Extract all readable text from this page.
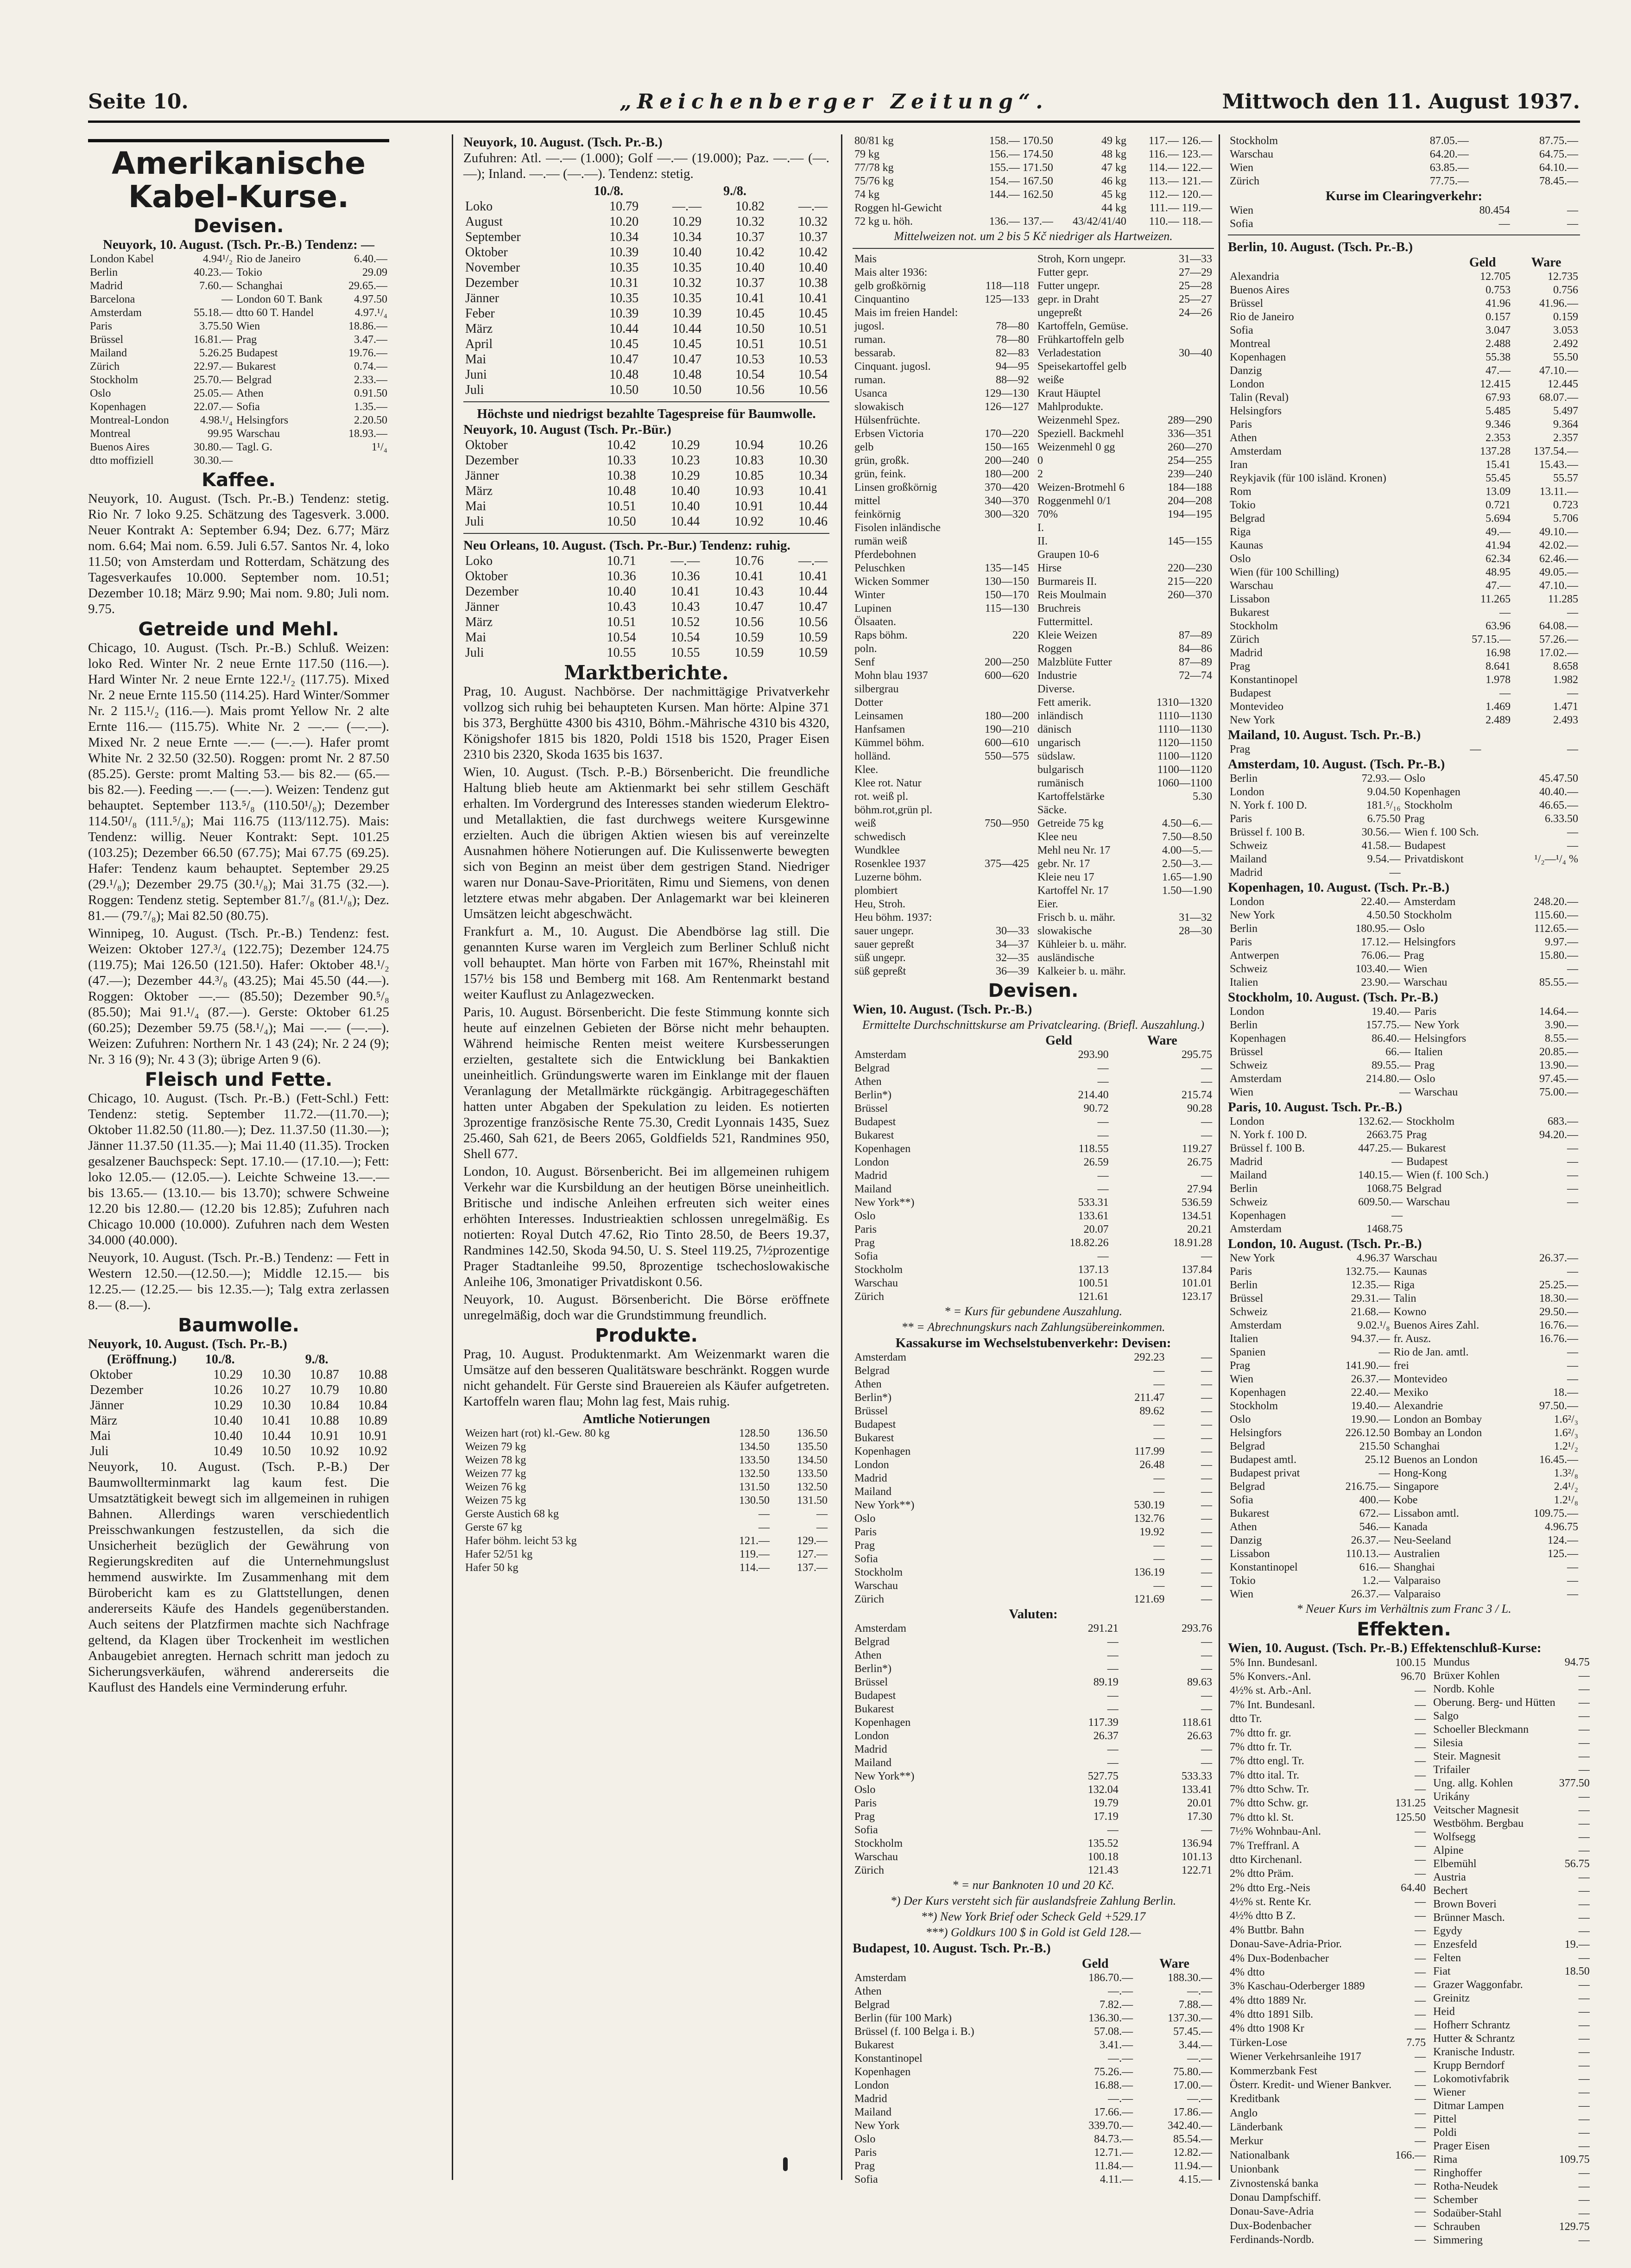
Seite 10.	„Reichenberger Zeitung“.	Mittwoch den 11. August 1937.
Amerikanische Kabel-Kurse.
Devisen.
Neuyork, 10. August. (Tsch. Pr.-B.) Tendenz: —
London Kabel	4.94¹/₂	Rio de Janeiro	6.40.—
Berlin	40.23.—	Tokio	29.09
Madrid	7.60.—	Schanghai	29.65.—
Barcelona	—	London 60 T. Bank	4.97.50
Amsterdam	55.18.—	dtto 60 T. Handel	4.97.¹/₄
Paris	3.75.50	Wien	18.86.—
Brüssel	16.81.—	Prag	3.47.—
Mailand	5.26.25	Budapest	19.76.—
Zürich	22.97.—	Bukarest	0.74.—
Stockholm	25.70.—	Belgrad	2.33.—
Oslo	25.05.—	Athen	0.91.50
Kopenhagen	22.07.—	Sofia	1.35.—
Montreal-London	4.98.¹/₄	Helsingfors	2.20.50
Montreal	99.95	Warschau	18.93.—
Buenos Aires	30.80.—	Tagl. G.	1¹/₄
dtto moffiziell	30.30.—		
Kaffee.

Neuyork, 10. August. (Tsch. Pr.-B.) Tendenz: stetig. Rio Nr. 7 loko 9.25. Schätzung des Tagesverk. 3.000. Neuer Kontrakt A: September 6.94; Dez. 6.77; März nom. 6.64; Mai nom. 6.59. Juli 6.57. Santos Nr. 4, loko 11.50; von Amsterdam und Rotterdam, Schätzung des Tagesverkaufes 10.000. September nom. 10.51; Dezember 10.18; März 9.90; Mai nom. 9.80; Juli nom. 9.75.

Getreide und Mehl.

Chicago, 10. August. (Tsch. Pr.-B.) Schluß. Weizen: loko Red. Winter Nr. 2 neue Ernte 117.50 (116.—). Hard Winter Nr. 2 neue Ernte 122.¹/₂ (117.75). Mixed Nr. 2 neue Ernte 115.50 (114.25). Hard Winter/Sommer Nr. 2 115.¹/₂ (116.—). Mais promt Yellow Nr. 2 alte Ernte 116.— (115.75). White Nr. 2 —.— (—.—). Mixed Nr. 2 neue Ernte —.— (—.—). Hafer promt White Nr. 2 32.50 (32.50). Roggen: promt Nr. 2 87.50 (85.25). Gerste: promt Malting 53.— bis 82.— (65.— bis 82.—). Feeding —.— (—.—). Weizen: Tendenz gut behauptet. September 113.⁵/₈ (110.50¹/₈); Dezember 114.50¹/₈ (111.⁵/₈); Mai 116.75 (113/112.75). Mais: Tendenz: willig. Neuer Kontrakt: Sept. 101.25 (103.25); Dezember 66.50 (67.75); Mai 67.75 (69.25). Hafer: Tendenz kaum behauptet. September 29.25 (29.¹/₈); Dezember 29.75 (30.¹/₈); Mai 31.75 (32.—). Roggen: Tendenz stetig. September 81.⁷/₈ (81.¹/₈); Dez. 81.— (79.⁷/₈); Mai 82.50 (80.75).

Winnipeg, 10. August. (Tsch. Pr.-B.) Tendenz: fest. Weizen: Oktober 127.³/₄ (122.75); Dezember 124.75 (119.75); Mai 126.50 (121.50). Hafer: Oktober 48.¹/₂ (47.—); Dezember 44.³/₈ (43.25); Mai 45.50 (44.—). Roggen: Oktober —.— (85.50); Dezember 90.⁵/₈ (85.50); Mai 91.¹/₄ (87.—). Gerste: Oktober 61.25 (60.25); Dezember 59.75 (58.¹/₄); Mai —.— (—.—). Weizen: Zufuhren: Northern Nr. 1 43 (24); Nr. 2 24 (9); Nr. 3 16 (9); Nr. 4 3 (3); übrige Arten 9 (6).

Fleisch und Fette.

Chicago, 10. August. (Tsch. Pr.-B.) (Fett-Schl.) Fett: Tendenz: stetig. September 11.72.—(11.70.—); Oktober 11.82.50 (11.80.—); Dez. 11.37.50 (11.30.—); Jänner 11.37.50 (11.35.—); Mai 11.40 (11.35). Trocken gesalzener Bauchspeck: Sept. 17.10.— (17.10.—); Fett: loko 12.05.— (12.05.—). Leichte Schweine 13.—.— bis 13.65.— (13.10.— bis 13.70); schwere Schweine 12.20 bis 12.80.— (12.20 bis 12.85); Zufuhren nach Chicago 10.000 (10.000). Zufuhren nach dem Westen 34.000 (40.000).

Neuyork, 10. August. (Tsch. Pr.-B.) Tendenz: — Fett in Western 12.50.—(12.50.—); Middle 12.15.— bis 12.25.— (12.25.— bis 12.35.—); Talg extra zerlassen 8.— (8.—).

Baumwolle.
Neuyork, 10. August. (Tsch. Pr.-B.)
(Eröffnung.)	10./8.		9./8.	
Oktober	10.29	10.30	10.87	10.88
Dezember	10.26	10.27	10.79	10.80
Jänner	10.29	10.30	10.84	10.84
März	10.40	10.41	10.88	10.89
Mai	10.40	10.44	10.91	10.91
Juli	10.49	10.50	10.92	10.92

Neuyork, 10. August. (Tsch. P.-B.) Der Baumwollterminmarkt lag kaum fest. Die Umsatztätigkeit bewegt sich im allgemeinen in ruhigen Bahnen. Allerdings waren verschiedentlich Preisschwankungen festzustellen, da sich die Unsicherheit bezüglich der Gewährung von Regierungskrediten auf die Unternehmungslust hemmend auswirkte. Im Zusammenhang mit dem Bürobericht kam es zu Glattstellungen, denen andererseits Käufe des Handels gegenüberstanden. Auch seitens der Platzfirmen machte sich Nachfrage geltend, da Klagen über Trockenheit im westlichen Anbaugebiet anregten. Hernach schritt man jedoch zu Sicherungsverkäufen, während andererseits die Kauflust des Handels eine Verminderung erfuhr.

Neuyork, 10. August. (Tsch. Pr.-B.)

Zufuhren: Atl. —.— (1.000); Golf —.— (19.000); Paz. —.— (—.—); Inland. —.— (—.—). Tendenz: stetig.

	10./8.		9./8.	
Loko	10.79	—.—	10.82	—.—
August	10.20	10.29	10.32	10.32
September	10.34	10.34	10.37	10.37
Oktober	10.39	10.40	10.42	10.42
November	10.35	10.35	10.40	10.40
Dezember	10.31	10.32	10.37	10.38
Jänner	10.35	10.35	10.41	10.41
Feber	10.39	10.39	10.45	10.45
März	10.44	10.44	10.50	10.51
April	10.45	10.45	10.51	10.51
Mai	10.47	10.47	10.53	10.53
Juni	10.48	10.48	10.54	10.54
Juli	10.50	10.50	10.56	10.56
Höchste und niedrigst bezahlte Tagespreise für Baumwolle.
Neuyork, 10. August (Tsch. Pr.-Bür.)
Oktober	10.42	10.29	10.94	10.26
Dezember	10.33	10.23	10.83	10.30
Jänner	10.38	10.29	10.85	10.34
März	10.48	10.40	10.93	10.41
Mai	10.51	10.40	10.91	10.44
Juli	10.50	10.44	10.92	10.46
Neu Orleans, 10. August. (Tsch. Pr.-Bur.) Tendenz: ruhig.
Loko	10.71	—.—	10.76	—.—
Oktober	10.36	10.36	10.41	10.41
Dezember	10.40	10.41	10.43	10.44
Jänner	10.43	10.43	10.47	10.47
März	10.51	10.52	10.56	10.56
Mai	10.54	10.54	10.59	10.59
Juli	10.55	10.55	10.59	10.59
Marktberichte.

Prag, 10. August. Nachbörse. Der nachmittägige Privatverkehr vollzog sich ruhig bei behaupteten Kursen. Man hörte: Alpine 371 bis 373, Berghütte 4300 bis 4310, Böhm.-Mährische 4310 bis 4320, Königshofer 1815 bis 1820, Poldi 1518 bis 1520, Prager Eisen 2310 bis 2320, Skoda 1635 bis 1637.

Wien, 10. August. (Tsch. P.-B.) Börsenbericht. Die freundliche Haltung blieb heute am Aktienmarkt bei sehr stillem Geschäft erhalten. Im Vordergrund des Interesses standen wiederum Elektro- und Metallaktien, die fast durchwegs weitere Kursgewinne erzielten. Auch die übrigen Aktien wiesen bis auf vereinzelte Ausnahmen höhere Notierungen auf. Die Kulissenwerte bewegten sich von Beginn an meist über dem gestrigen Stand. Niedriger waren nur Donau-Save-Prioritäten, Rimu und Siemens, von denen letztere etwas mehr abgaben. Der Anlagemarkt war bei kleineren Umsätzen leicht abgeschwächt.

Frankfurt a. M., 10. August. Die Abendbörse lag still. Die genannten Kurse waren im Vergleich zum Berliner Schluß nicht voll behauptet. Man hörte von Farben mit 167%, Rheinstahl mit 157½ bis 158 und Bemberg mit 168. Am Rentenmarkt bestand weiter Kauflust zu Anlagezwecken.

Paris, 10. August. Börsenbericht. Die feste Stimmung konnte sich heute auf einzelnen Gebieten der Börse nicht mehr behaupten. Während heimische Renten meist weitere Kursbesserungen erzielten, gestaltete sich die Entwicklung bei Bankaktien uneinheitlich. Gründungswerte waren im Einklange mit der flauen Veranlagung der Metallmärkte rückgängig. Arbitragegeschäften hatten unter Abgaben der Spekulation zu leiden. Es notierten 3prozentige französische Rente 75.30, Credit Lyonnais 1435, Suez 25.460, Sah 621, de Beers 2065, Goldfields 521, Randmines 950, Shell 677.

London, 10. August. Börsenbericht. Bei im allgemeinen ruhigem Verkehr war die Kursbildung an der heutigen Börse uneinheitlich. Britische und indische Anleihen erfreuten sich weiter eines erhöhten Interesses. Industrieaktien schlossen unregelmäßig. Es notierten: Royal Dutch 47.62, Rio Tinto 28.50, de Beers 19.37, Randmines 142.50, Skoda 94.50, U. S. Steel 119.25, 7½prozentige Prager Stadtanleihe 99.50, 8prozentige tschechoslowakische Anleihe 106, 3monatiger Privatdiskont 0.56.

Neuyork, 10. August. Börsenbericht. Die Börse eröffnete unregelmäßig, doch war die Grundstimmung freundlich.

Produkte.

Prag, 10. August. Produktenmarkt. Am Weizenmarkt waren die Umsätze auf den besseren Qualitätsware beschränkt. Roggen wurde nicht gehandelt. Für Gerste sind Brauereien als Käufer aufgetreten. Kartoffeln waren flau; Mohn lag fest, Mais ruhig.

Amtliche Notierungen
Weizen hart (rot) kl.-Gew. 80 kg	128.50	136.50
Weizen 79 kg	134.50	135.50
Weizen 78 kg	133.50	134.50
Weizen 77 kg	132.50	133.50
Weizen 76 kg	131.50	132.50
Weizen 75 kg	130.50	131.50
Gerste Austich 68 kg	—	—
Gerste 67 kg	—	—
Hafer böhm. leicht 53 kg	121.—	129.—
Hafer 52/51 kg	119.—	127.—
Hafer 50 kg	114.—	137.—
80/81 kg	158.— 170.50	49 kg	117.— 126.—
79 kg	156.— 174.50	48 kg	116.— 123.—
77/78 kg	155.— 171.50	47 kg	114.— 122.—
75/76 kg	154.— 167.50	46 kg	113.— 121.—
74 kg	144.— 162.50	45 kg	112.— 120.—
Roggen hl-Gewicht		44 kg	111.— 119.—
72 kg u. höh.	136.— 137.—	43/42/41/40	110.— 118.—
Mittelweizen not. um 2 bis 5 Kč niedriger als Hartweizen.
Mais	
Mais alter 1936:	
gelb großkörnig	118—118
Cinquantino	125—133
Mais im freien Handel:	
jugosl.	78—80
ruman.	78—80
bessarab.	82—83
Cinquant. jugosl.	94—95
ruman.	88—92
Usanca	129—130
slowakisch	126—127
Hülsenfrüchte.	
Erbsen Victoria	170—220
gelb	150—165
grün, großk.	200—240
grün, feink.	180—200
Linsen großkörnig	370—420
mittel	340—370
feinkörnig	300—320
Fisolen inländische	
rumän weiß	
Pferdebohnen	
Peluschken	135—145
Wicken Sommer	130—150
Winter	150—170
Lupinen	115—130
Ölsaaten.	
Raps böhm.	220
poln.	
Senf	200—250
Mohn blau 1937	600—620
silbergrau	
Dotter	
Leinsamen	180—200
Hanfsamen	190—210
Kümmel böhm.	600—610
holländ.	550—575
Klee.	
Klee rot. Natur	
rot. weiß pl.	
böhm.rot,grün pl.	
weiß	750—950
schwedisch	
Wundklee	
Rosenklee 1937	375—425
Luzerne böhm.	
plombiert	
Heu, Stroh.	
Heu böhm. 1937:	
sauer ungepr.	30—33
sauer gepreßt	34—37
süß ungepr.	32—35
süß gepreßt	36—39
Stroh, Korn ungepr.	31—33
Futter gepr.	27—29
Futter ungepr.	25—28
gepr. in Draht	25—27
ungepreßt	24—26
Kartoffeln, Gemüse.	
Frühkartoffeln gelb	
Verladestation	30—40
Speisekartoffel gelb	
weiße	
Kraut Häuptel	
Mahlprodukte.	
Weizenmehl Spez.	289—290
Speziell. Backmehl	336—351
Weizenmehl 0 gg	260—270
0	254—255
2	239—240
Weizen-Brotmehl 6	184—188
Roggenmehl 0/1	204—208
70%	194—195
I.	
II.	145—155
Graupen 10-6	
Hirse	220—230
Burmareis II.	215—220
Reis Moulmain	260—370
Bruchreis	
Futtermittel.	
Kleie Weizen	87—89
Roggen	84—86
Malzblüte Futter	87—89
Industrie	72—74
Diverse.	
Fett amerik.	1310—1320
inländisch	1110—1130
dänisch	1110—1130
ungarisch	1120—1150
südslaw.	1100—1120
bulgarisch	1100—1120
rumänisch	1060—1100
Kartoffelstärke	5.30
Säcke.	
Getreide 75 kg	4.50—6.—
Klee neu	7.50—8.50
Mehl neu Nr. 17	4.00—5.—
gebr. Nr. 17	2.50—3.—
Kleie neu 17	1.65—1.90
Kartoffel Nr. 17	1.50—1.90
Eier.	
Frisch b. u. mähr.	31—32
slowakische	28—30
Kühleier b. u. mähr.	
ausländische	
Kalkeier b. u. mähr.	
Devisen.
Wien, 10. August. (Tsch. Pr.-B.)
Ermittelte Durchschnittskurse am Privatclearing. (Briefl. Auszahlung.)
	Geld	Ware
Amsterdam	293.90	295.75
Belgrad	—	—
Athen	—	—
Berlin*)	214.40	215.74
Brüssel	90.72	90.28
Budapest	—	—
Bukarest	—	—
Kopenhagen	118.55	119.27
London	26.59	26.75
Madrid	—	—
Mailand	—	27.94
New York**)	533.31	536.59
Oslo	133.61	134.51
Paris	20.07	20.21
Prag	18.82.26	18.91.28
Sofia	—	—
Stockholm	137.13	137.84
Warschau	100.51	101.01
Zürich	121.61	123.17
* = Kurs für gebundene Auszahlung.
** = Abrechnungskurs nach Zahlungsübereinkommen.
Kassakurse im Wechselstubenverkehr: Devisen:
Amsterdam	292.23	—
Belgrad	—	—
Athen	—	—
Berlin*)	211.47	—
Brüssel	89.62	—
Budapest	—	—
Bukarest	—	—
Kopenhagen	117.99	—
London	26.48	—
Madrid	—	—
Mailand	—	—
New York**)	530.19	—
Oslo	132.76	—
Paris	19.92	—
Prag	—	—
Sofia	—	—
Stockholm	136.19	—
Warschau	—	—
Zürich	121.69	—
Valuten:
Amsterdam	291.21	293.76
Belgrad	—	—
Athen	—	—
Berlin*)	—	—
Brüssel	89.19	89.63
Budapest	—	—
Bukarest	—	—
Kopenhagen	117.39	118.61
London	26.37	26.63
Madrid	—	—
Mailand	—	—
New York**)	527.75	533.33
Oslo	132.04	133.41
Paris	19.79	20.01
Prag	17.19	17.30
Sofia	—	—
Stockholm	135.52	136.94
Warschau	100.18	101.13
Zürich	121.43	122.71
* = nur Banknoten 10 und 20 Kč.
*) Der Kurs versteht sich für auslandsfreie Zahlung Berlin.
**) New York Brief oder Scheck Geld +529.17
***) Goldkurs 100 $ in Gold ist Geld 128.—
Budapest, 10. August. Tsch. Pr.-B.)
	Geld	Ware
Amsterdam	186.70.—	188.30.—
Athen	—.—	—.—
Belgrad	7.82.—	7.88.—
Berlin (für 100 Mark)	136.30.—	137.30.—
Brüssel (f. 100 Belga i. B.)	57.08.—	57.45.—
Bukarest	3.41.—	3.44.—
Konstantinopel	—.—	—.—
Kopenhagen	75.26.—	75.80.—
London	16.88.—	17.00.—
Madrid	—.—	—.—
Mailand	17.66.—	17.86.—
New York	339.70.—	342.40.—
Oslo	84.73.—	85.54.—
Paris	12.71.—	12.82.—
Prag	11.84.—	11.94.—
Sofia	4.11.—	4.15.—
Stockholm	87.05.—	87.75.—
Warschau	64.20.—	64.75.—
Wien	63.85.—	64.10.—
Zürich	77.75.—	78.45.—
Kurse im Clearingverkehr:
Wien	80.454	—
Sofia	—	—
Berlin, 10. August. (Tsch. Pr.-B.)
	Geld	Ware
Alexandria	12.705	12.735
Buenos Aires	0.753	0.756
Brüssel	41.96	41.96.—
Rio de Janeiro	0.157	0.159
Sofia	3.047	3.053
Montreal	2.488	2.492
Kopenhagen	55.38	55.50
Danzig	47.—	47.10.—
London	12.415	12.445
Talin (Reval)	67.93	68.07.—
Helsingfors	5.485	5.497
Paris	9.346	9.364
Athen	2.353	2.357
Amsterdam	137.28	137.54.—
Iran	15.41	15.43.—
Reykjavik (für 100 isländ. Kronen)	55.45	55.57
Rom	13.09	13.11.—
Tokio	0.721	0.723
Belgrad	5.694	5.706
Riga	49.—	49.10.—
Kaunas	41.94	42.02.—
Oslo	62.34	62.46.—
Wien (für 100 Schilling)	48.95	49.05.—
Warschau	47.—	47.10.—
Lissabon	11.265	11.285
Bukarest	—	—
Stockholm	63.96	64.08.—
Zürich	57.15.—	57.26.—
Madrid	16.98	17.02.—
Prag	8.641	8.658
Konstantinopel	1.978	1.982
Budapest	—	—
Montevideo	1.469	1.471
New York	2.489	2.493
Mailand, 10. August. Tsch. Pr.-B.)
Prag	—	—
Amsterdam, 10. August. (Tsch. Pr.-B.)
Berlin	72.93.—	Oslo	45.47.50
London	9.04.50	Kopenhagen	40.40.—
N. York f. 100 D.	181.⁵/₁₆	Stockholm	46.65.—
Paris	6.75.50	Prag	6.33.50
Brüssel f. 100 B.	30.56.—	Wien f. 100 Sch.	—
Schweiz	41.58.—	Budapest	—
Mailand	9.54.—	Privatdiskont	¹/₂—¹/₄ %
Madrid	—		
Kopenhagen, 10. August. (Tsch. Pr.-B.)
London	22.40.—	Amsterdam	248.20.—
New York	4.50.50	Stockholm	115.60.—
Berlin	180.95.—	Oslo	112.65.—
Paris	17.12.—	Helsingfors	9.97.—
Antwerpen	76.06.—	Prag	15.80.—
Schweiz	103.40.—	Wien	—
Italien	23.90.—	Warschau	85.55.—
Stockholm, 10. August. (Tsch. Pr.-B.)
London	19.40.—	Paris	14.64.—
Berlin	157.75.—	New York	3.90.—
Kopenhagen	86.40.—	Helsingfors	8.55.—
Brüssel	66.—	Italien	20.85.—
Schweiz	89.55.—	Prag	13.90.—
Amsterdam	214.80.—	Oslo	97.45.—
Wien	—	Warschau	75.00.—
Paris, 10. August. Tsch. Pr.-B.)
London	132.62.—	Stockholm	683.—
N. York f. 100 D.	2663.75	Prag	94.20.—
Brüssel f. 100 B.	447.25.—	Bukarest	—
Madrid	—	Budapest	—
Mailand	140.15.—	Wien (f. 100 Sch.)	—
Berlin	1068.75	Belgrad	—
Schweiz	609.50.—	Warschau	—
Kopenhagen	—		
Amsterdam	1468.75		
London, 10. August. (Tsch. Pr.-B.)
New York	4.96.37	Warschau	26.37.—
Paris	132.75.—	Kaunas	—
Berlin	12.35.—	Riga	25.25.—
Brüssel	29.31.—	Talin	18.30.—
Schweiz	21.68.—	Kowno	29.50.—
Amsterdam	9.02.¹/₈	Buenos Aires Zahl.	16.76.—
Italien	94.37.—	fr. Ausz.	16.76.—
Spanien	—	Rio de Jan. amtl.	—
Prag	141.90.—	frei	—
Wien	26.37.—	Montevideo	—
Kopenhagen	22.40.—	Mexiko	18.—
Stockholm	19.40.—	Alexandrie	97.50.—
Oslo	19.90.—	London an Bombay	1.6²/₃
Helsingfors	226.12.50	Bombay an London	1.6²/₃
Belgrad	215.50	Schanghai	1.2¹/₂
Budapest amtl.	25.12	Buenos an London	16.45.—
Budapest privat	—	Hong-Kong	1.3²/₈
Belgrad	216.75.—	Singapore	2.4¹/₂
Sofia	400.—	Kobe	1.2¹/₈
Bukarest	672.—	Lissabon amtl.	109.75.—
Athen	546.—	Kanada	4.96.75
Danzig	26.37.—	Neu-Seeland	124.—
Lissabon	110.13.—	Australien	125.—
Konstantinopel	616.—	Shanghai	—
Tokio	1.2.—	Valparaiso	—
Wien	26.37.—	Valparaiso	—
* Neuer Kurs im Verhältnis zum Franc 3 / L.
Effekten.
Wien, 10. August. (Tsch. Pr.-B.) Effektenschluß-Kurse:
5% Inn. Bundesanl.	100.15
5% Konvers.-Anl.	96.70
4½% st. Arb.-Anl.	—
7% Int. Bundesanl.	—
dtto Tr.	—
7% dtto fr. gr.	—
7% dtto fr. Tr.	—
7% dtto engl. Tr.	—
7% dtto ital. Tr.	—
7% dtto Schw. Tr.	—
7% dtto Schw. gr.	131.25
7% dtto kl. St.	125.50
7½% Wohnbau-Anl.	—
7% Treffranl. A	—
dtto Kirchenanl.	—
2% dtto Präm.	—
2% dtto Erg.-Neis	64.40
4½% st. Rente Kr.	—
4½% dtto B Z.	—
4% Buttbr. Bahn	—
Donau-Save-Adria-Prior.	—
4% Dux-Bodenbacher	—
4% dtto	—
3% Kaschau-Oderberger 1889	—
4% dtto 1889 Nr.	—
4% dtto 1891 Silb.	—
4% dtto 1908 Kr	—
Türken-Lose	7.75
Wiener Verkehrsanleihe 1917	—
Kommerzbank Fest	—
Österr. Kredit- und Wiener Bankver.	—
Kreditbank	—
Anglo	—
Länderbank	—
Merkur	—
Nationalbank	166.—
Unionbank	—
Zivnostenská banka	—
Donau Dampfschiff.	—
Donau-Save-Adria	—
Dux-Bodenbacher	—
Ferdinands-Nordb.	—
Mundus	94.75
Brüxer Kohlen	—
Nordb. Kohle	—
Oberung. Berg- und Hütten	—
Salgo	—
Schoeller Bleckmann	—
Silesia	—
Steir. Magnesit	—
Trifailer	—
Ung. allg. Kohlen	377.50
Urikány	—
Veitscher Magnesit	—
Westböhm. Bergbau	—
Wolfsegg	—
Alpine	—
Elbemühl	56.75
Austria	—
Bechert	—
Brown Boveri	—
Brünner Masch.	—
Egydy	—
Enzesfeld	19.—
Felten	—
Fiat	18.50
Grazer Waggonfabr.	—
Greinitz	—
Heid	—
Hofherr Schrantz	—
Hutter & Schrantz	—
Kranische Industr.	—
Krupp Berndorf	—
Lokomotivfabrik	—
Wiener	—
Ditmar Lampen	—
Pittel	—
Poldi	—
Prager Eisen	—
Rima	109.75
Ringhoffer	—
Rotha-Neudek	—
Schember	—
Sodaüber-Stahl	—
Schrauben	129.75
Simmering	—
